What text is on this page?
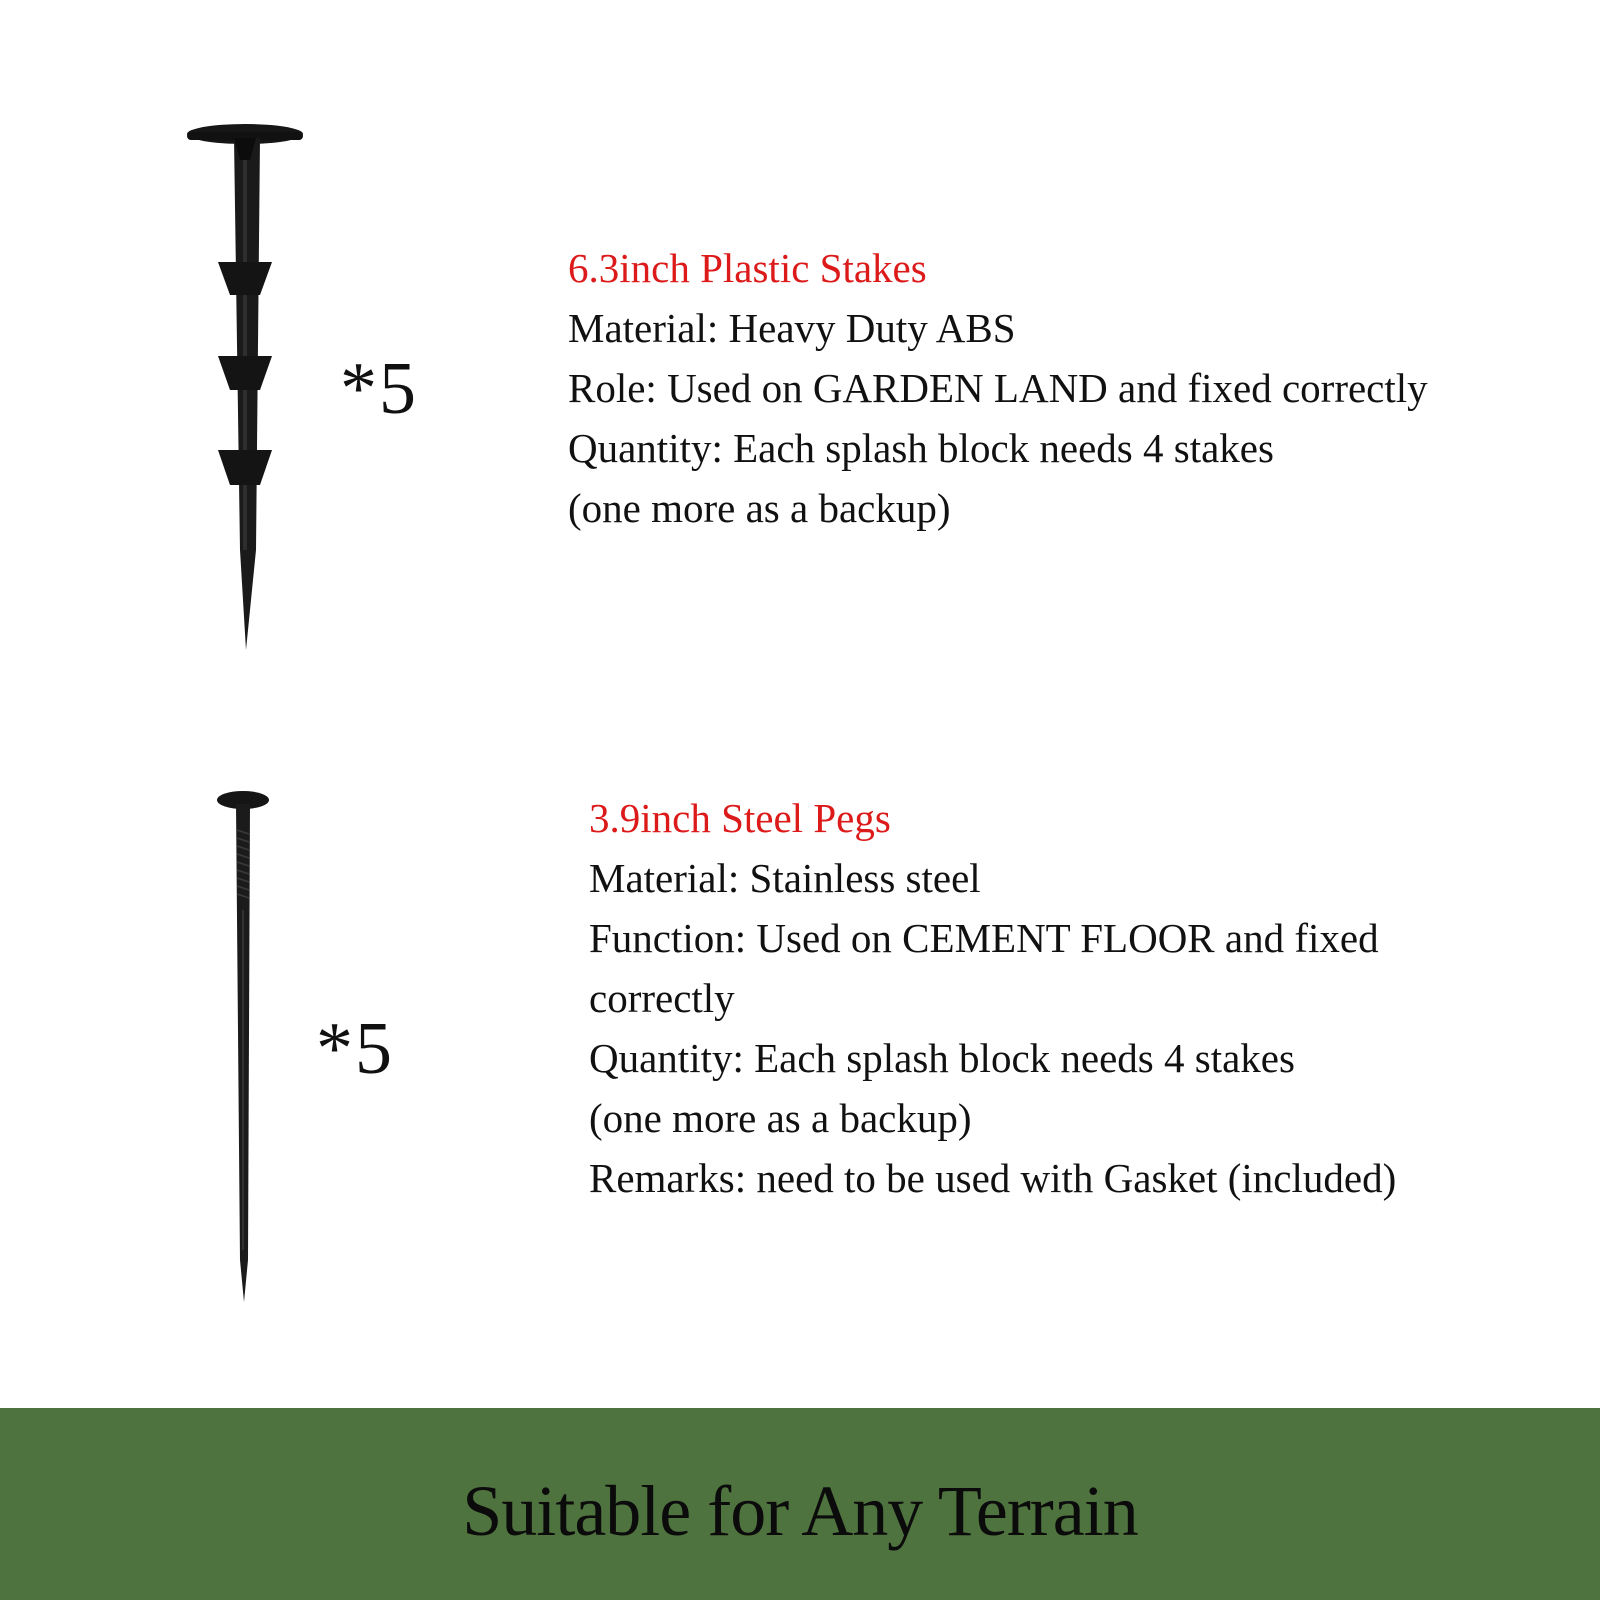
*5
6.3inch Plastic Stakes
Material: Heavy Duty ABS
Role: Used on GARDEN LAND and fixed correctly
Quantity: Each splash block needs 4 stakes
(one more as a backup)
*5
3.9inch Steel Pegs
Material: Stainless steel
Function: Used on CEMENT FLOOR and fixed
correctly
Quantity: Each splash block needs 4 stakes
(one more as a backup)
Remarks: need to be used with Gasket (included)
Suitable for Any Terrain
